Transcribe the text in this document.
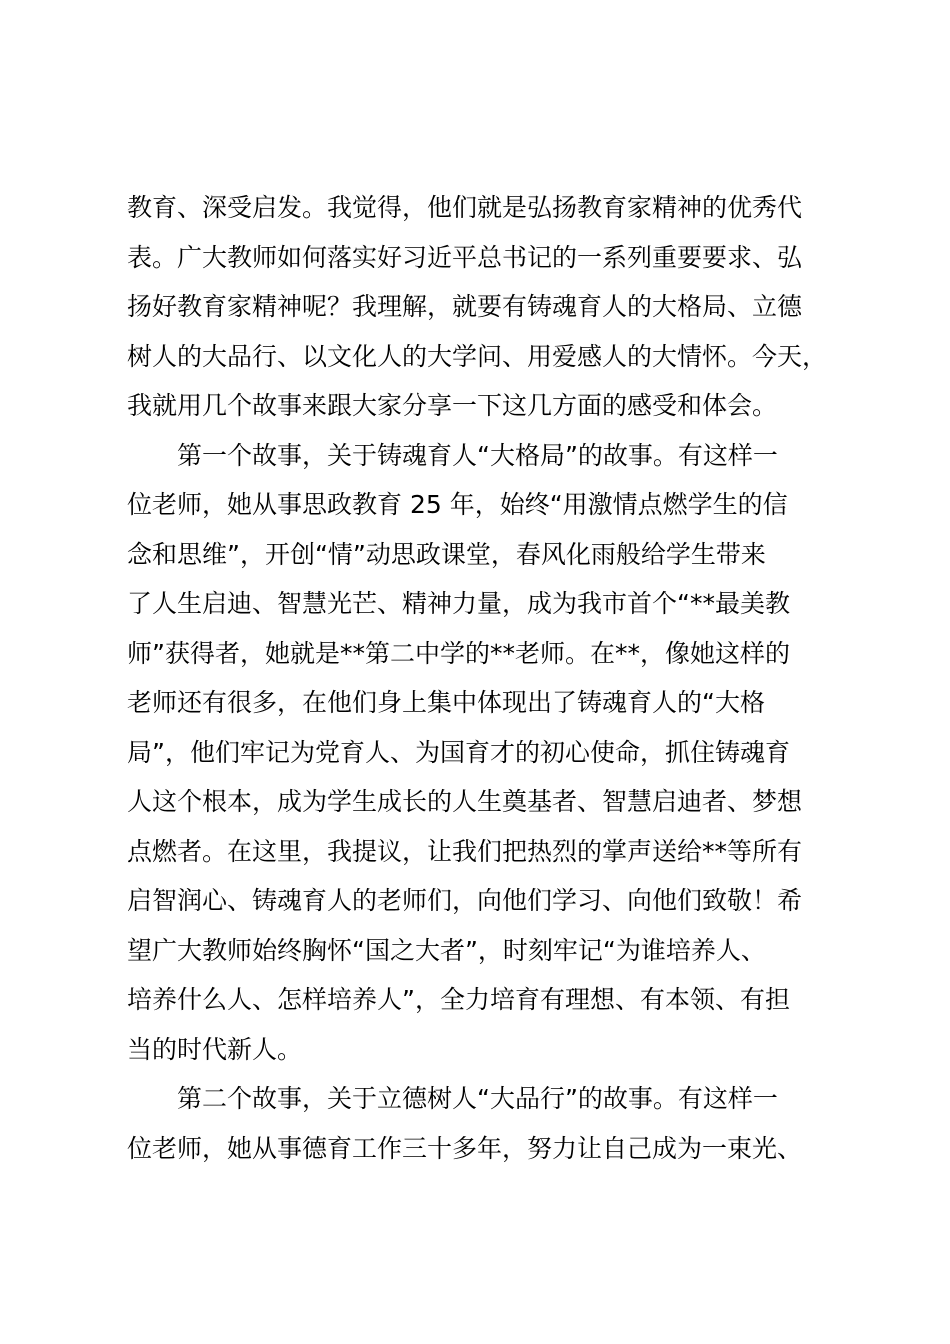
教育、深受启发。我觉得，他们就是弘扬教育家精神的优秀代
表。广大教师如何落实好习近平总书记的一系列重要要求、弘
扬好教育家精神呢？我理解，就要有铸魂育人的大格局、立德
树人的大品行、以文化人的大学问、用爱感人的大情怀。今天，
我就用几个故事来跟大家分享一下这几方面的感受和体会。
第一个故事，关于铸魂育人“大格局”的故事。有这样一
位老师，她从事思政教育 25 年，始终“用激情点燃学生的信
念和思维”，开创“情”动思政课堂，春风化雨般给学生带来
了人生启迪、智慧光芒、精神力量，成为我市首个“**最美教
师”获得者，她就是**第二中学的**老师。在**，像她这样的
老师还有很多，在他们身上集中体现出了铸魂育人的“大格
局”，他们牢记为党育人、为国育才的初心使命，抓住铸魂育
人这个根本，成为学生成长的人生奠基者、智慧启迪者、梦想
点燃者。在这里，我提议，让我们把热烈的掌声送给**等所有
启智润心、铸魂育人的老师们，向他们学习、向他们致敬！希
望广大教师始终胸怀“国之大者”，时刻牢记“为谁培养人、
培养什么人、怎样培养人”，全力培育有理想、有本领、有担
当的时代新人。
第二个故事，关于立德树人“大品行”的故事。有这样一
位老师，她从事德育工作三十多年，努力让自己成为一束光、
